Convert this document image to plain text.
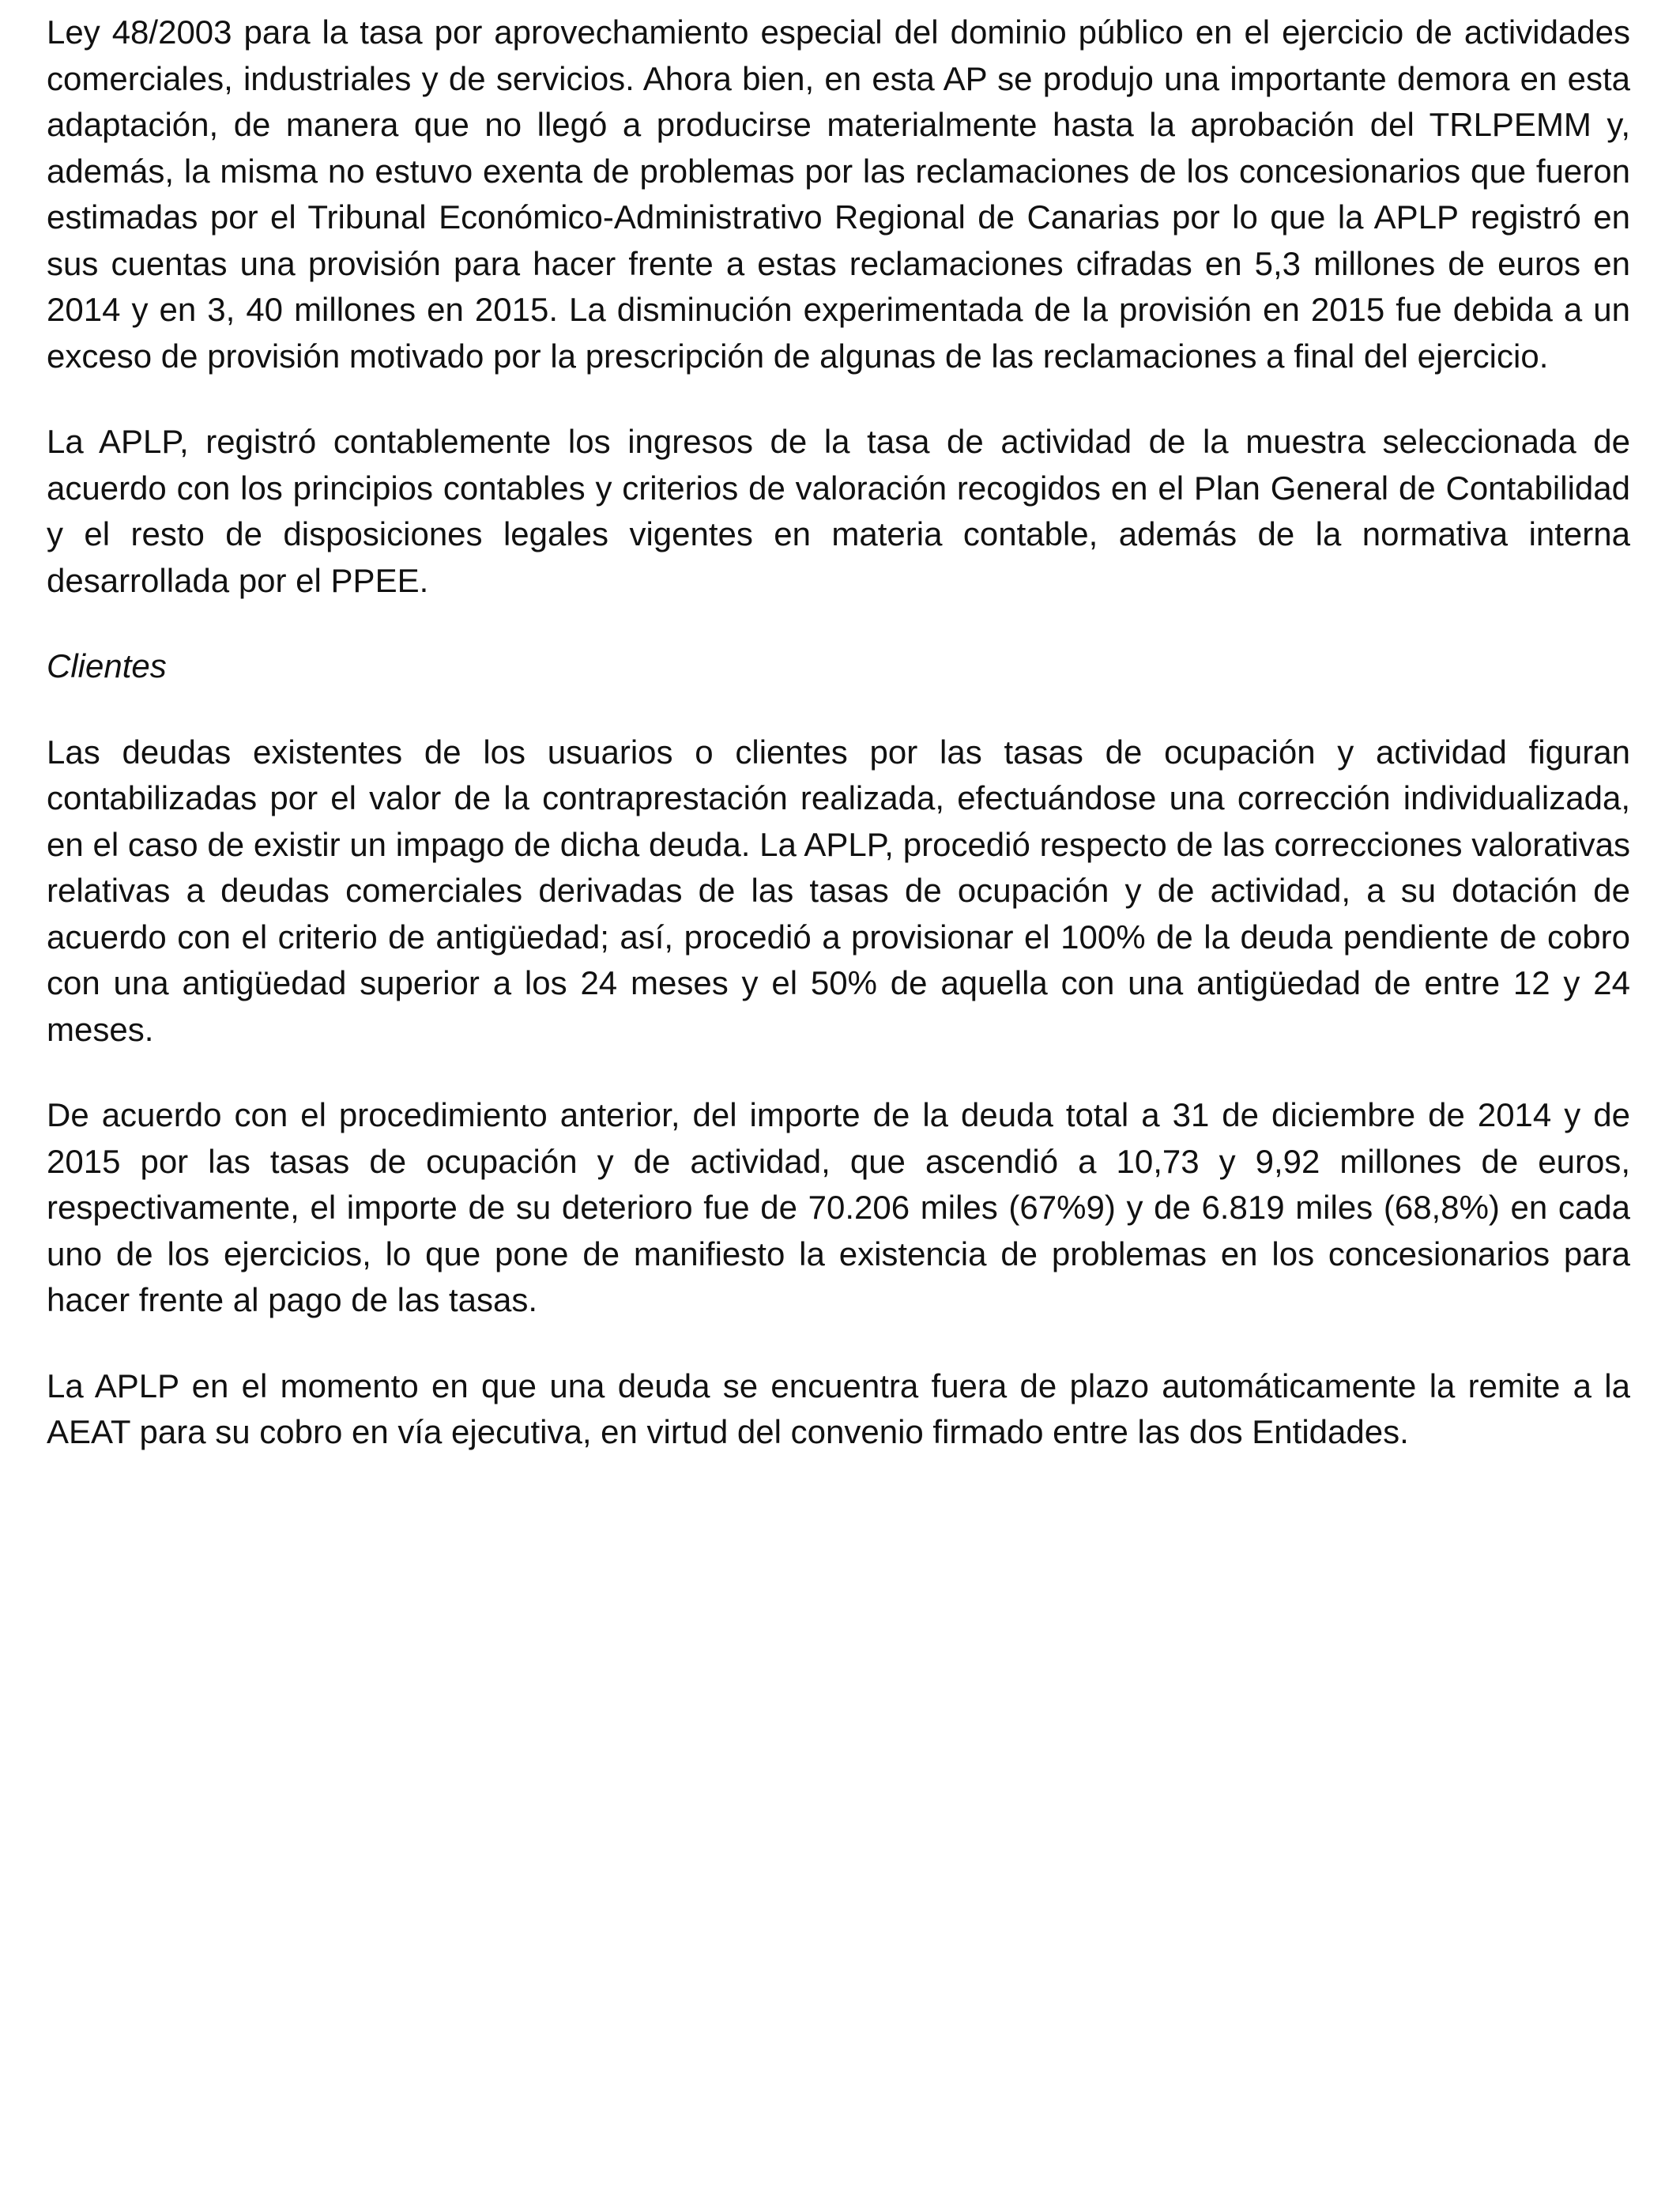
Ley 48/2003 para la tasa por aprovechamiento especial del dominio público en el ejercicio de actividades comerciales, industriales y de servicios. Ahora bien, en esta AP se produjo una importante demora en esta adaptación, de manera que no llegó a producirse materialmente hasta la aprobación del TRLPEMM y, además, la misma no estuvo exenta de problemas por las reclamaciones de los concesionarios que fueron estimadas por el Tribunal Económico-Administrativo Regional de Canarias por lo que la APLP registró en sus cuentas una provisión para hacer frente a estas reclamaciones cifradas en 5,3 millones de euros en 2014 y en 3, 40 millones en 2015. La disminución experimentada de la provisión en 2015 fue debida a un exceso de provisión motivado por la prescripción de algunas de las reclamaciones a final del ejercicio.

La APLP, registró contablemente los ingresos de la tasa de actividad de la muestra seleccionada de acuerdo con los principios contables y criterios de valoración recogidos en el Plan General de Contabilidad y el resto de disposiciones legales vigentes en materia contable, además de la normativa interna desarrollada por el PPEE.

Clientes

Las deudas existentes de los usuarios o clientes por las tasas de ocupación y actividad figuran contabilizadas por el valor de la contraprestación realizada, efectuándose una corrección individualizada, en el caso de existir un impago de dicha deuda. La APLP, procedió respecto de las correcciones valorativas relativas a deudas comerciales derivadas de las tasas de ocupación y de actividad, a su dotación de acuerdo con el criterio de antigüedad; así, procedió a provisionar el 100% de la deuda pendiente de cobro con una antigüedad superior a los 24 meses y el 50% de aquella con una antigüedad de entre 12 y 24 meses.

De acuerdo con el procedimiento anterior, del importe de la deuda total a 31 de diciembre de 2014 y de 2015 por las tasas de ocupación y de actividad, que ascendió a 10,73 y 9,92 millones de euros, respectivamente, el importe de su deterioro fue de 70.206 miles (67%9) y de 6.819 miles (68,8%) en cada uno de los ejercicios, lo que pone de manifiesto la existencia de problemas en los concesionarios para hacer frente al pago de las tasas.

La APLP en el momento en que una deuda se encuentra fuera de plazo automáticamente la remite a la AEAT para su cobro en vía ejecutiva, en virtud del convenio firmado entre las dos Entidades.
